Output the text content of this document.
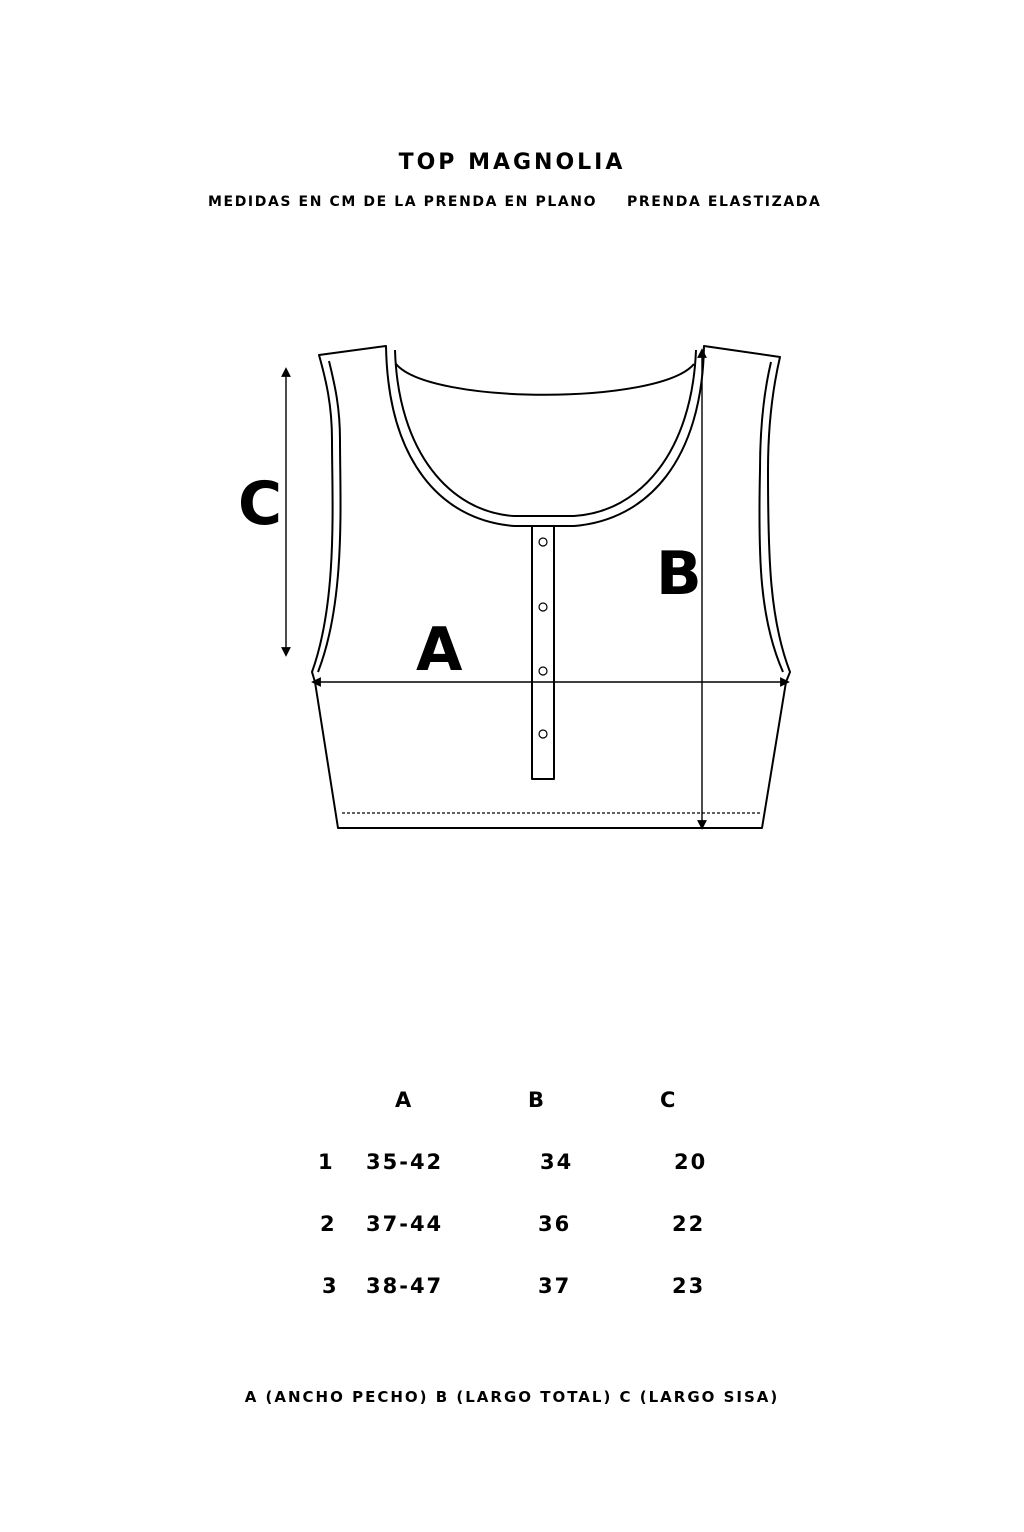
TOP MAGNOLIA
MEDIDAS EN CM DE LA PRENDA EN PLANO PRENDA ELASTIZADA
C
B
A
A	B	C
1 35-42	34	20
2 37-44	36	22
3 38-47	37	23
A (ANCHO PECHO) B (LARGO TOTAL) C (LARGO SISA)
